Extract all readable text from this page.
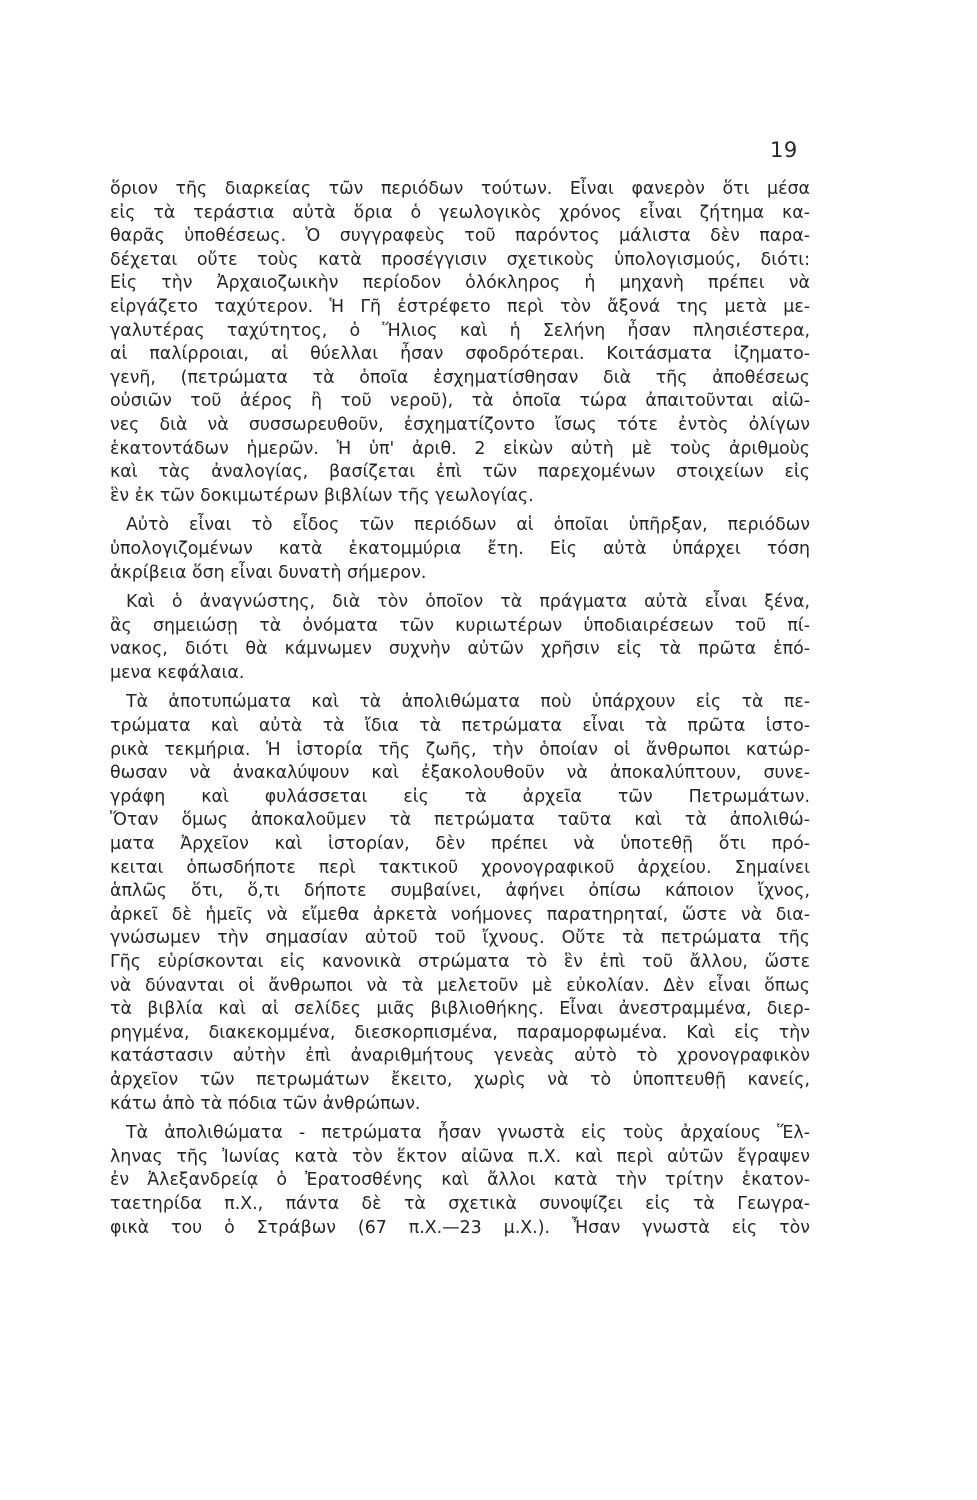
19

ὅριον τῆς διαρκείας τῶν περιόδων τούτων. Εἶναι φανερὸν ὅτι μέσα
εἰς τὰ τεράστια αὐτὰ ὅρια ὁ γεωλογικὸς χρόνος εἶναι ζήτημα κα-
θαρᾶς ὑποθέσεως. Ὁ συγγραφεὺς τοῦ παρόντος μάλιστα δὲν παρα-
δέχεται οὔτε τοὺς κατὰ προσέγγισιν σχετικοὺς ὑπολογισμούς, διότι:
Εἰς τὴν Ἀρχαιοζωικὴν περίοδον ὁλόκληρος ἡ μηχανὴ πρέπει νὰ
εἰργάζετο ταχύτερον. Ἡ Γῆ ἐστρέφετο περὶ τὸν ἄξονά της μετὰ με-
γαλυτέρας ταχύτητος, ὁ Ἥλιος καὶ ἡ Σελήνη ἦσαν πλησιέστερα,
αἱ παλίρροιαι, αἱ θύελλαι ἦσαν σφοδρότεραι. Κοιτάσματα ἰζηματο-
γενῆ, (πετρώματα τὰ ὁποῖα ἐσχηματίσθησαν διὰ τῆς ἀποθέσεως
οὐσιῶν τοῦ ἀέρος ἢ τοῦ νεροῦ), τὰ ὁποῖα τώρα ἀπαιτοῦνται αἰῶ-
νες διὰ νὰ συσσωρευθοῦν, ἐσχηματίζοντο ἴσως τότε ἐντὸς ὀλίγων
ἑκατοντάδων ἡμερῶν. Ἡ ὑπ' ἀριθ. 2 εἰκὼν αὐτὴ μὲ τοὺς ἀριθμοὺς
καὶ τὰς ἀναλογίας, βασίζεται ἐπὶ τῶν παρεχομένων στοιχείων εἰς
ἓν ἐκ τῶν δοκιμωτέρων βιβλίων τῆς γεωλογίας.

Αὐτὸ εἶναι τὸ εἶδος τῶν περιόδων αἱ ὁποῖαι ὑπῆρξαν, περιόδων
ὑπολογιζομένων κατὰ ἑκατομμύρια ἔτη. Εἰς αὐτὰ ὑπάρχει τόση
ἀκρίβεια ὅση εἶναι δυνατὴ σήμερον.

Καὶ ὁ ἀναγνώστης, διὰ τὸν ὁποῖον τὰ πράγματα αὐτὰ εἶναι ξένα,
ἂς σημειώσῃ τὰ ὀνόματα τῶν κυριωτέρων ὑποδιαιρέσεων τοῦ πί-
νακος, διότι θὰ κάμνωμεν συχνὴν αὐτῶν χρῆσιν εἰς τὰ πρῶτα ἑπό-
μενα κεφάλαια.

Τὰ ἀποτυπώματα καὶ τὰ ἀπολιθώματα ποὺ ὑπάρχουν εἰς τὰ πε-
τρώματα καὶ αὐτὰ τὰ ἴδια τὰ πετρώματα εἶναι τὰ πρῶτα ἱστο-
ρικὰ τεκμήρια. Ἡ ἱστορία τῆς ζωῆς, τὴν ὁποίαν οἱ ἄνθρωποι κατώρ-
θωσαν νὰ ἀνακαλύψουν καὶ ἐξακολουθοῦν νὰ ἀποκαλύπτουν, συνε-
γράφη καὶ φυλάσσεται εἰς τὰ ἀρχεῖα τῶν Πετρωμάτων.
Ὅταν ὅμως ἀποκαλοῦμεν τὰ πετρώματα ταῦτα καὶ τὰ ἀπολιθώ-
ματα Ἀρχεῖον καὶ ἱστορίαν, δὲν πρέπει νὰ ὑποτεθῇ ὅτι πρό-
κειται ὁπωσδήποτε περὶ τακτικοῦ χρονογραφικοῦ ἀρχείου. Σημαίνει
ἁπλῶς ὅτι, ὅ,τι δήποτε συμβαίνει, ἀφήνει ὀπίσω κάποιον ἴχνος,
ἀρκεῖ δὲ ἡμεῖς νὰ εἴμεθα ἀρκετὰ νοήμονες παρατηρηταί, ὥστε νὰ δια-
γνώσωμεν τὴν σημασίαν αὐτοῦ τοῦ ἴχνους. Οὔτε τὰ πετρώματα τῆς
Γῆς εὑρίσκονται εἰς κανονικὰ στρώματα τὸ ἓν ἐπὶ τοῦ ἄλλου, ὥστε
νὰ δύνανται οἱ ἄνθρωποι νὰ τὰ μελετοῦν μὲ εὐκολίαν. Δὲν εἶναι ὅπως
τὰ βιβλία καὶ αἱ σελίδες μιᾶς βιβλιοθήκης. Εἶναι ἀνεστραμμένα, διερ-
ρηγμένα, διακεκομμένα, διεσκορπισμένα, παραμορφωμένα. Καὶ εἰς τὴν
κατάστασιν αὐτὴν ἐπὶ ἀναριθμήτους γενεὰς αὐτὸ τὸ χρονογραφικὸν
ἀρχεῖον τῶν πετρωμάτων ἔκειτο, χωρὶς νὰ τὸ ὑποπτευθῇ κανείς,
κάτω ἀπὸ τὰ πόδια τῶν ἀνθρώπων.

Τὰ ἀπολιθώματα - πετρώματα ἦσαν γνωστὰ εἰς τοὺς ἀρχαίους Ἕλ-
ληνας τῆς Ἰωνίας κατὰ τὸν ἕκτον αἰῶνα π.Χ. καὶ περὶ αὐτῶν ἔγραψεν
ἐν Ἀλεξανδρείᾳ ὁ Ἐρατοσθένης καὶ ἄλλοι κατὰ τὴν τρίτην ἑκατον-
ταετηρίδα π.Χ., πάντα δὲ τὰ σχετικὰ συνοψίζει εἰς τὰ Γεωγρα-
φικὰ του ὁ Στράβων (67 π.Χ.—23 μ.Χ.). Ἦσαν γνωστὰ εἰς τὸν
